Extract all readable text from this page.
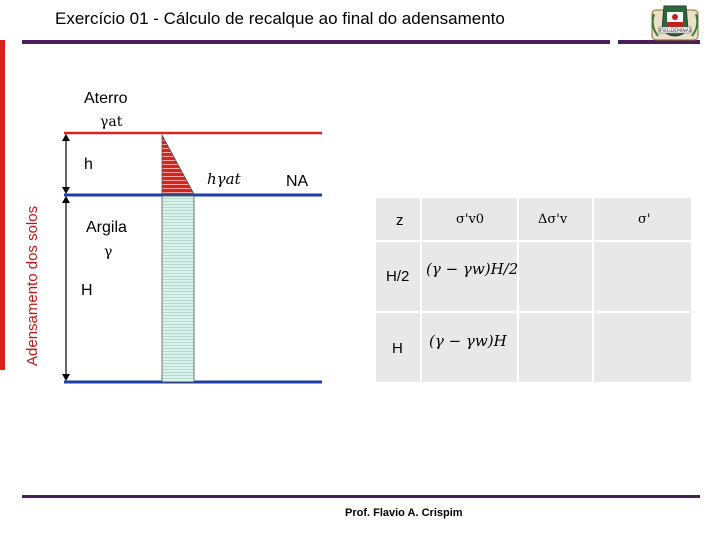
Exercício 01 - Cálculo de recalque ao final do adensamento
IFSULDEMINAS
Adensamento dos solos
Aterro
γat
h
hγat	NA
Argila
γ
H
z	σ'v0	Δσ'v	σ'
H/2 (γ − γw)H/2
H (γ − γw)H
Prof. Flavio A. Crispim
